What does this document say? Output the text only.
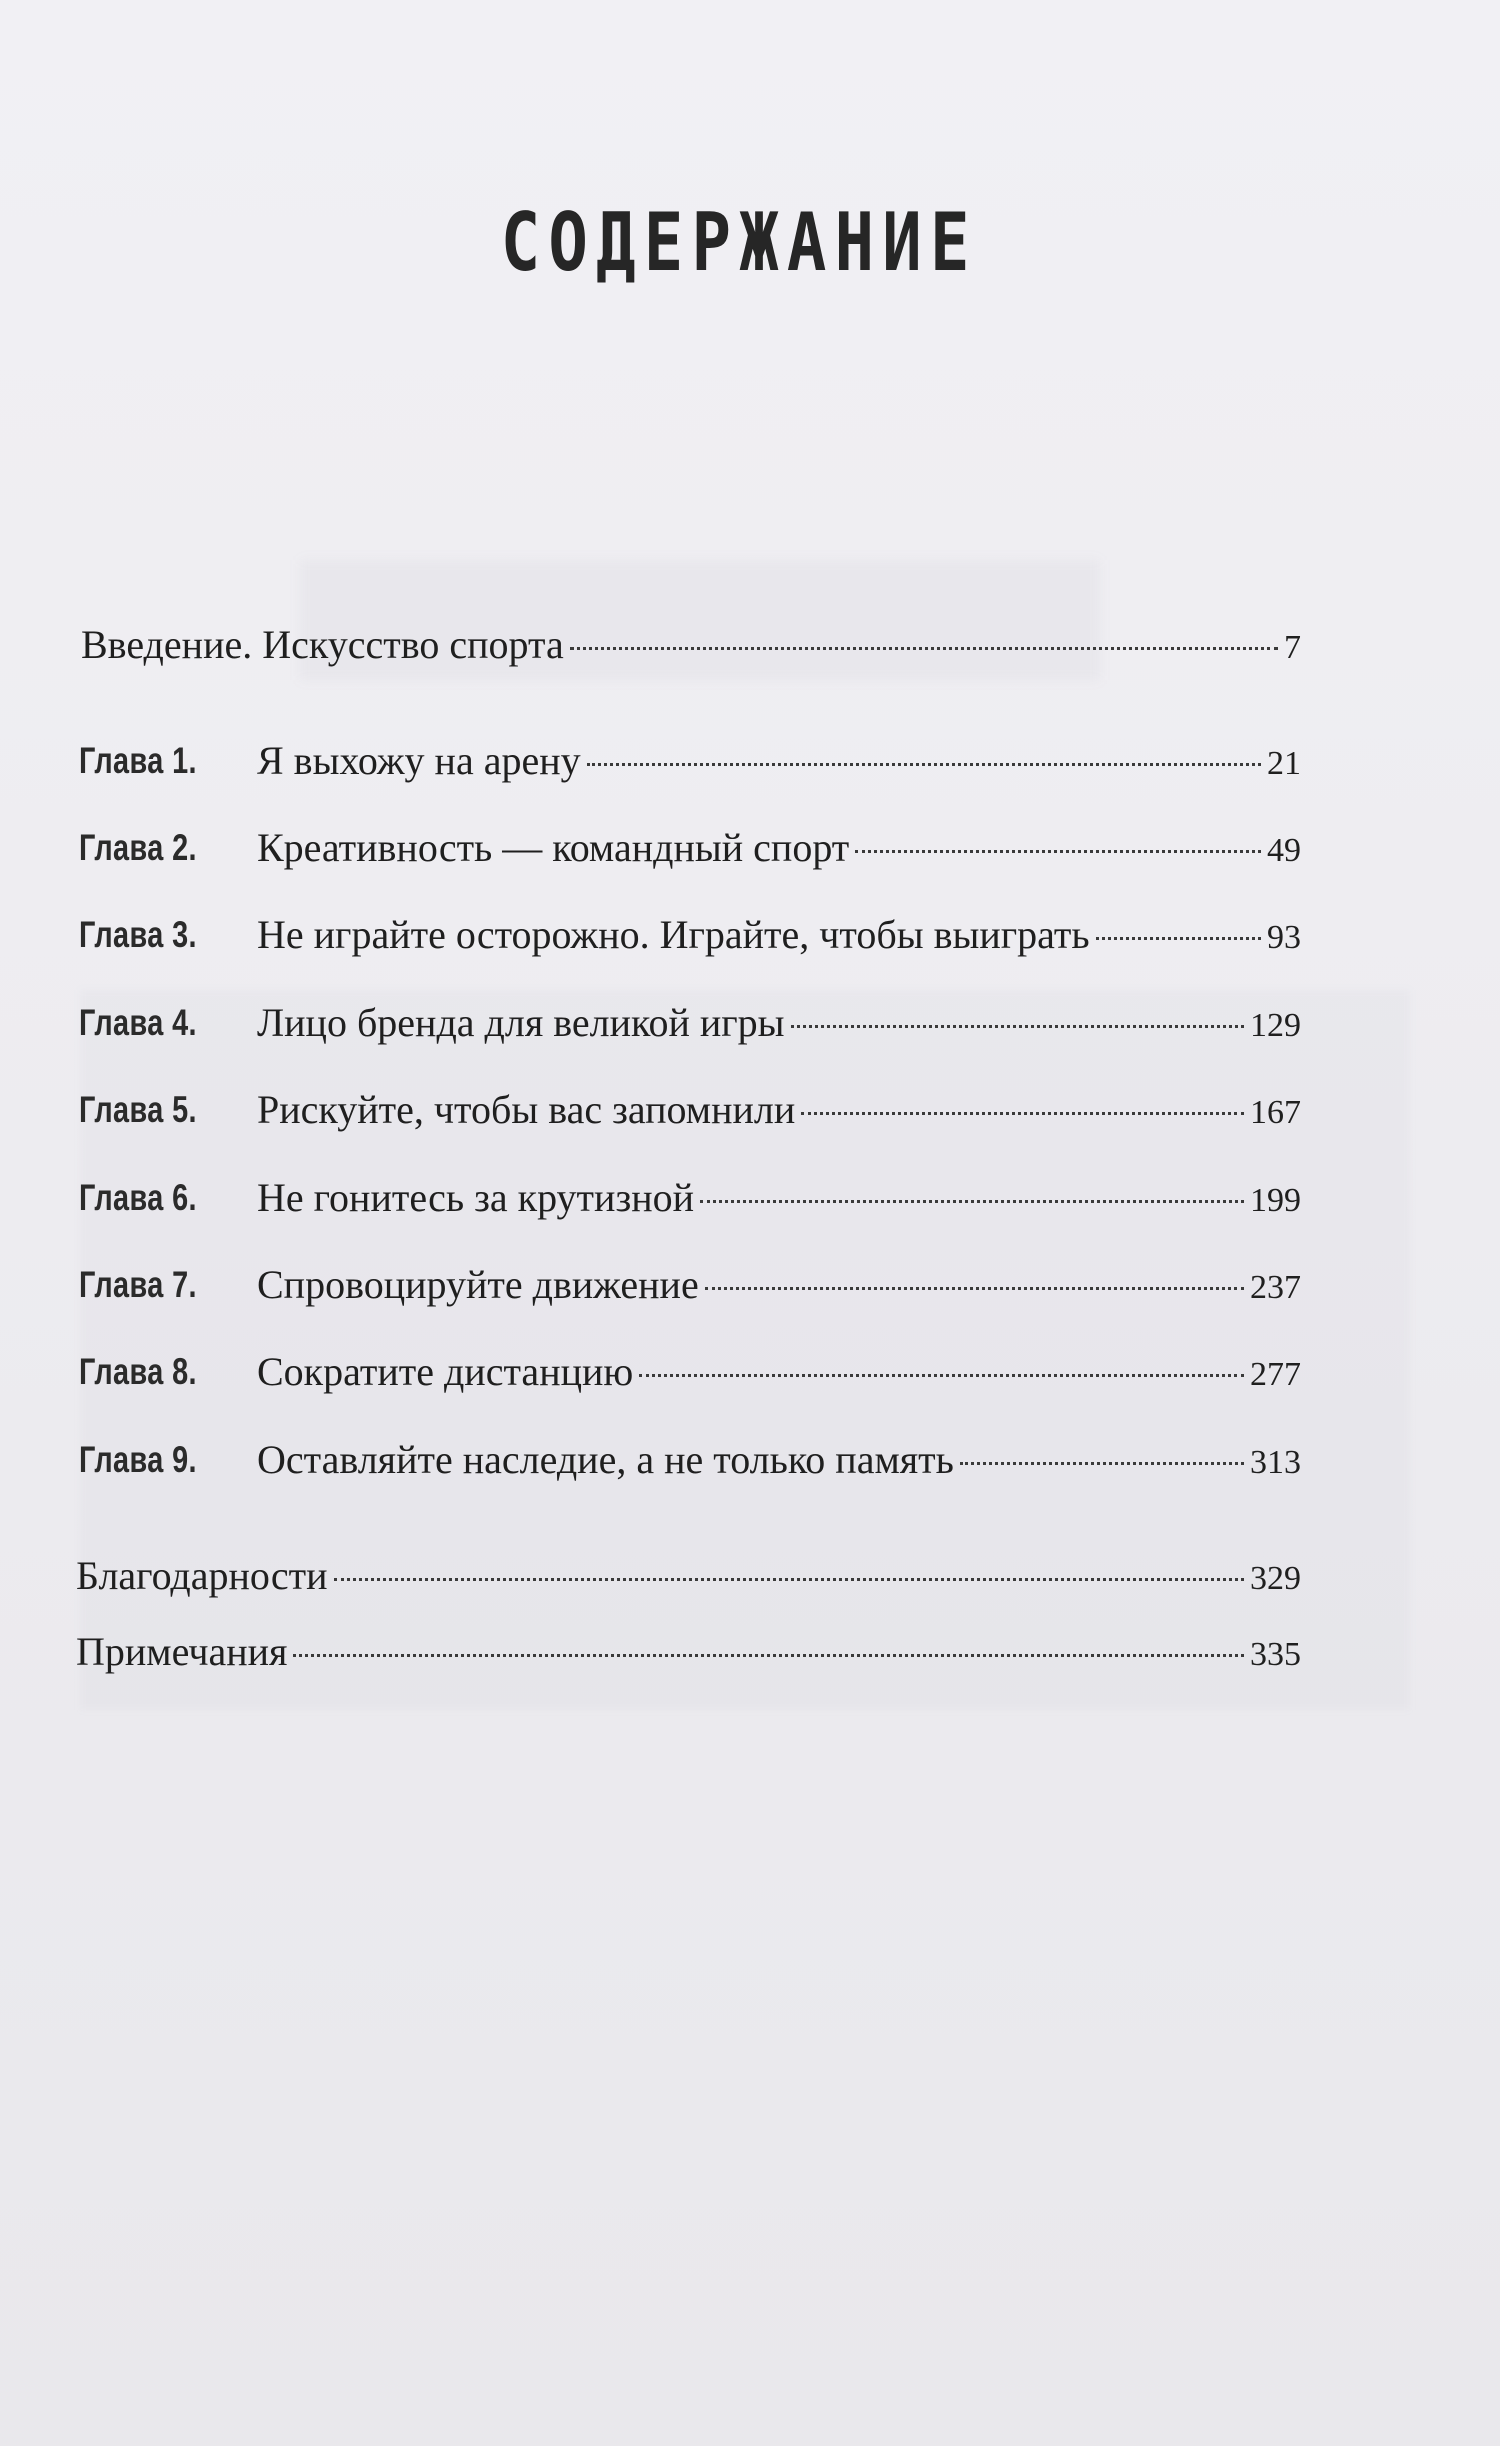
СОДЕРЖАНИЕ
Введение. Искусство спорта	7
Глава 1. Я выхожу на арену	21
Глава 2. Креативность — командный спорт	49
Глава 3. Не играйте осторожно. Играйте, чтобы выиграть	93
Глава 4. Лицо бренда для великой игры	129
Глава 5. Рискуйте, чтобы вас запомнили	167
Глава 6. Не гонитесь за крутизной	199
Глава 7. Спровоцируйте движение	237
Глава 8. Сократите дистанцию	277
Глава 9. Оставляйте наследие, а не только память	313
Благодарности	329
Примечания	335
